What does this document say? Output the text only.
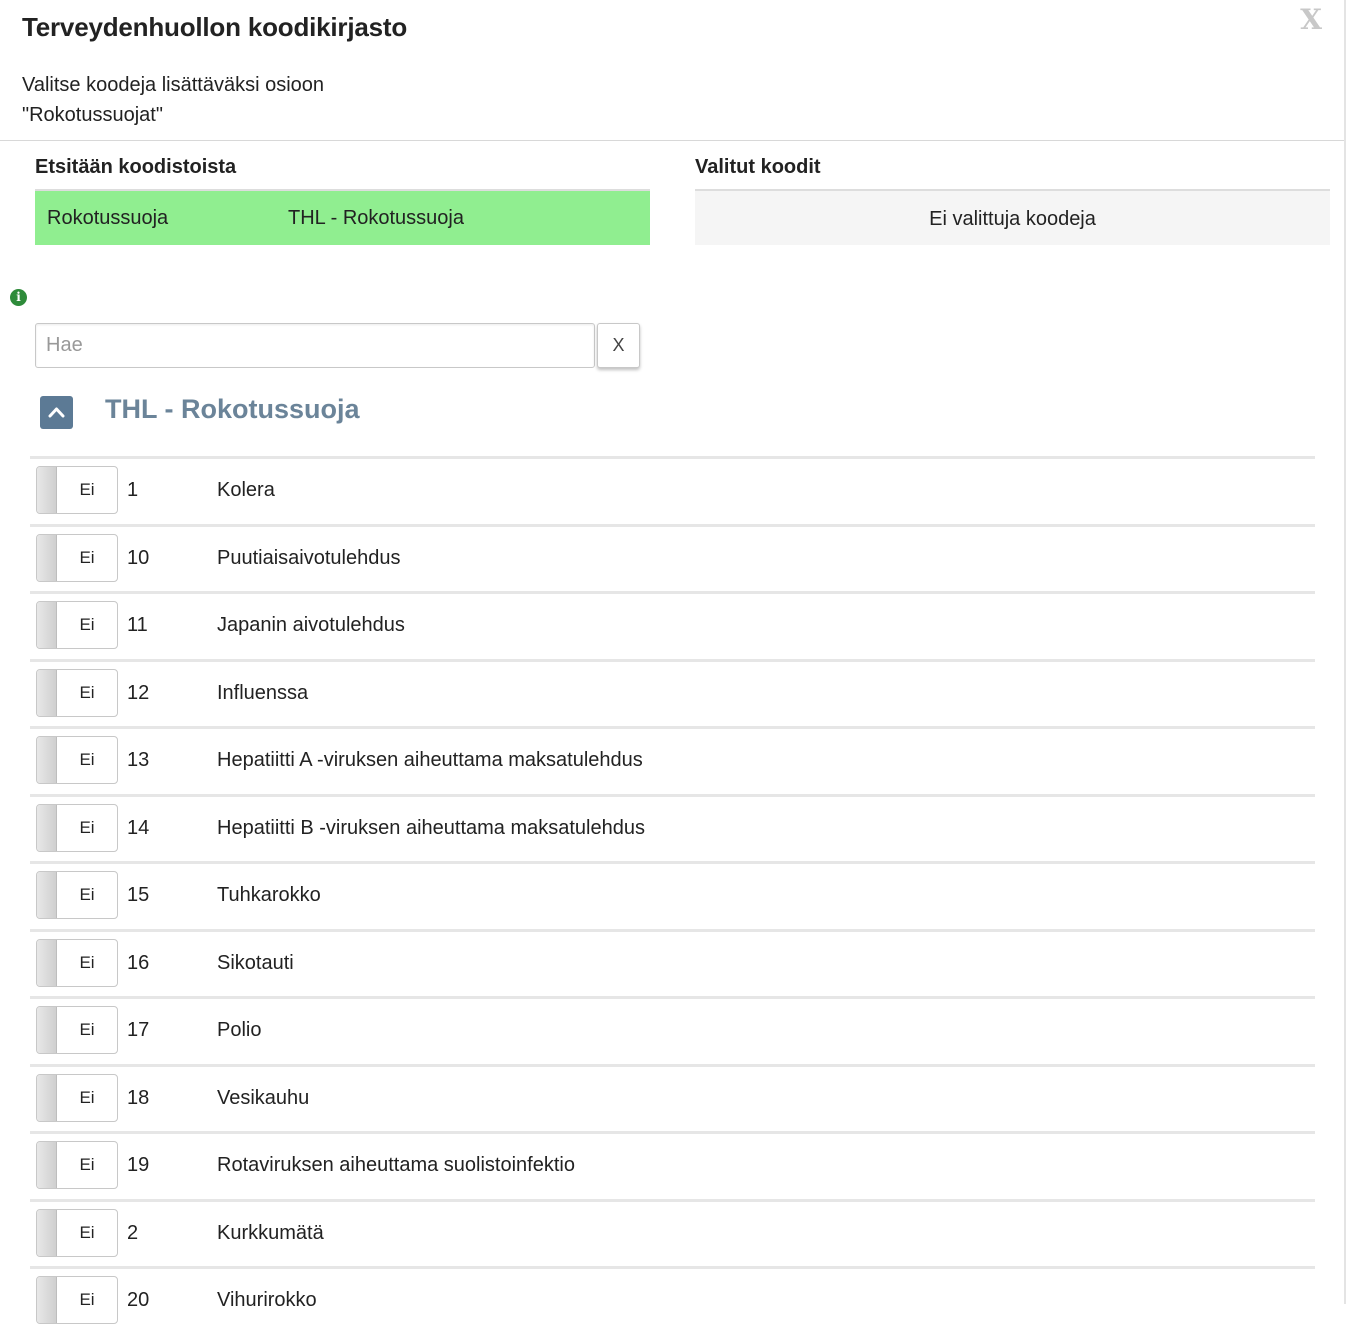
X
Terveydenhuollon koodikirjasto
Valitse koodeja lisättäväksi osioon "Rokotussuojat"
Etsitään koodistoista	Valitut koodit
Rokotussuoja	THL - Rokotussuoja	Ei valittuja koodeja
i
Hae
X
THL - Rokotussuoja
Ei	1	Kolera
Ei	10	Puutiaisaivotulehdus
Ei	11	Japanin aivotulehdus
Ei	12	Influenssa
Ei	13	Hepatiitti A -viruksen aiheuttama maksatulehdus
Ei	14	Hepatiitti B -viruksen aiheuttama maksatulehdus
Ei	15	Tuhkarokko
Ei	16	Sikotauti
Ei	17	Polio
Ei	18	Vesikauhu
Ei	19	Rotaviruksen aiheuttama suolistoinfektio
Ei	2	Kurkkumätä
Ei	20	Vihurirokko
